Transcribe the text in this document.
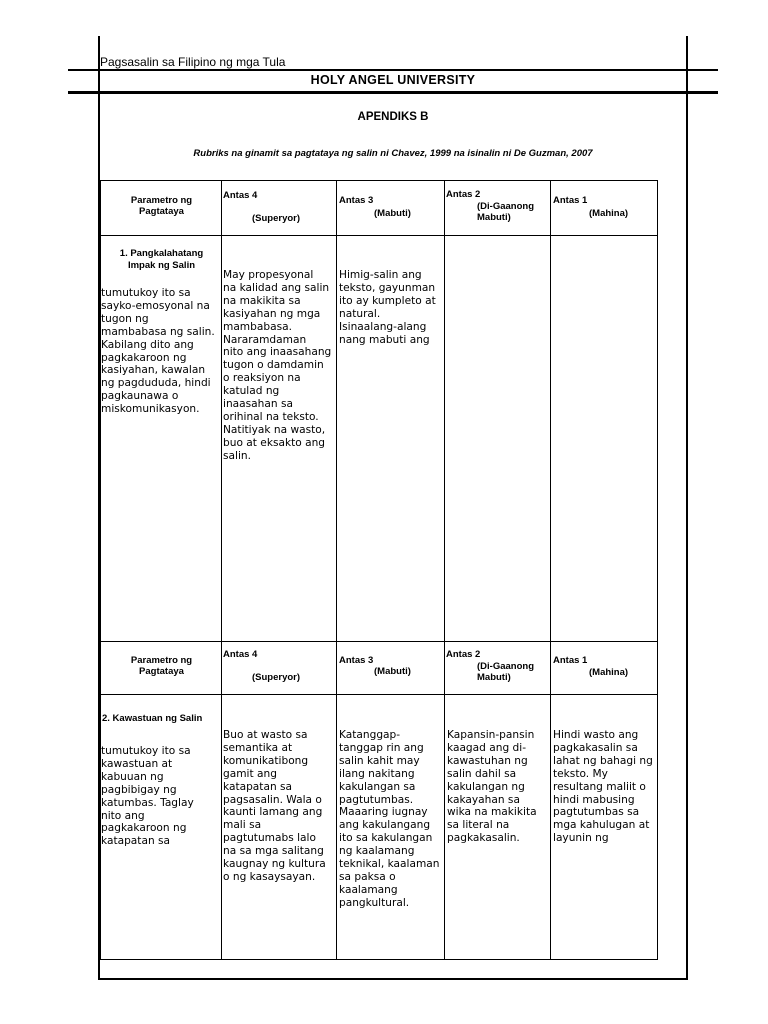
Pagsasalin sa Filipino ng mga Tula
HOLY ANGEL UNIVERSITY
APENDIKS B
Rubriks na ginamit sa pagtataya ng salin ni Chavez, 1999 na isinalin ni De Guzman, 2007
Parametro ng
Pagtataya
Antas 4
(Superyor)
Antas 3
(Mabuti)
Antas 2
(Di-Gaanong
Mabuti)
Antas 1
(Mahina)
1. Pangkalahatang
Impak ng Salin
tumutukoy ito sa
sayko-emosyonal na
tugon ng
mambabasa ng salin.
Kabilang dito ang
pagkakaroon ng
kasiyahan, kawalan
ng pagdududa, hindi
pagkaunawa o
miskomunikasyon.
May propesyonal
na kalidad ang salin
na makikita sa
kasiyahan ng mga
mambabasa.
Nararamdaman
nito ang inaasahang
tugon o damdamin
o reaksiyon na
katulad ng
inaasahan sa
orihinal na teksto.
Natitiyak na wasto,
buo at eksakto ang
salin.
Himig-salin ang
teksto, gayunman
ito ay kumpleto at
natural.
Isinaalang-alang
nang mabuti ang
Parametro ng
Pagtataya
Antas 4
(Superyor)
Antas 3
(Mabuti)
Antas 2
(Di-Gaanong
Mabuti)
Antas 1
(Mahina)
2. Kawastuan ng Salin
tumutukoy ito sa
kawastuan at
kabuuan ng
pagbibigay ng
katumbas. Taglay
nito ang
pagkakaroon ng
katapatan sa
Buo at wasto sa
semantika at
komunikatibong
gamit ang
katapatan sa
pagsasalin. Wala o
kaunti lamang ang
mali sa
pagtutumabs lalo
na sa mga salitang
kaugnay ng kultura
o ng kasaysayan.
Katanggap-
tanggap rin ang
salin kahit may
ilang nakitang
kakulangan sa
pagtutumbas.
Maaaring iugnay
ang kakulangang
ito sa kakulangan
ng kaalamang
teknikal, kaalaman
sa paksa o
kaalamang
pangkultural.
Kapansin-pansin
kaagad ang di-
kawastuhan ng
salin dahil sa
kakulangan ng
kakayahan sa
wika na makikita
sa literal na
pagkakasalin.
Hindi wasto ang
pagkakasalin sa
lahat ng bahagi ng
teksto. My
resultang maliit o
hindi mabusing
pagtutumbas sa
mga kahulugan at
layunin ng
